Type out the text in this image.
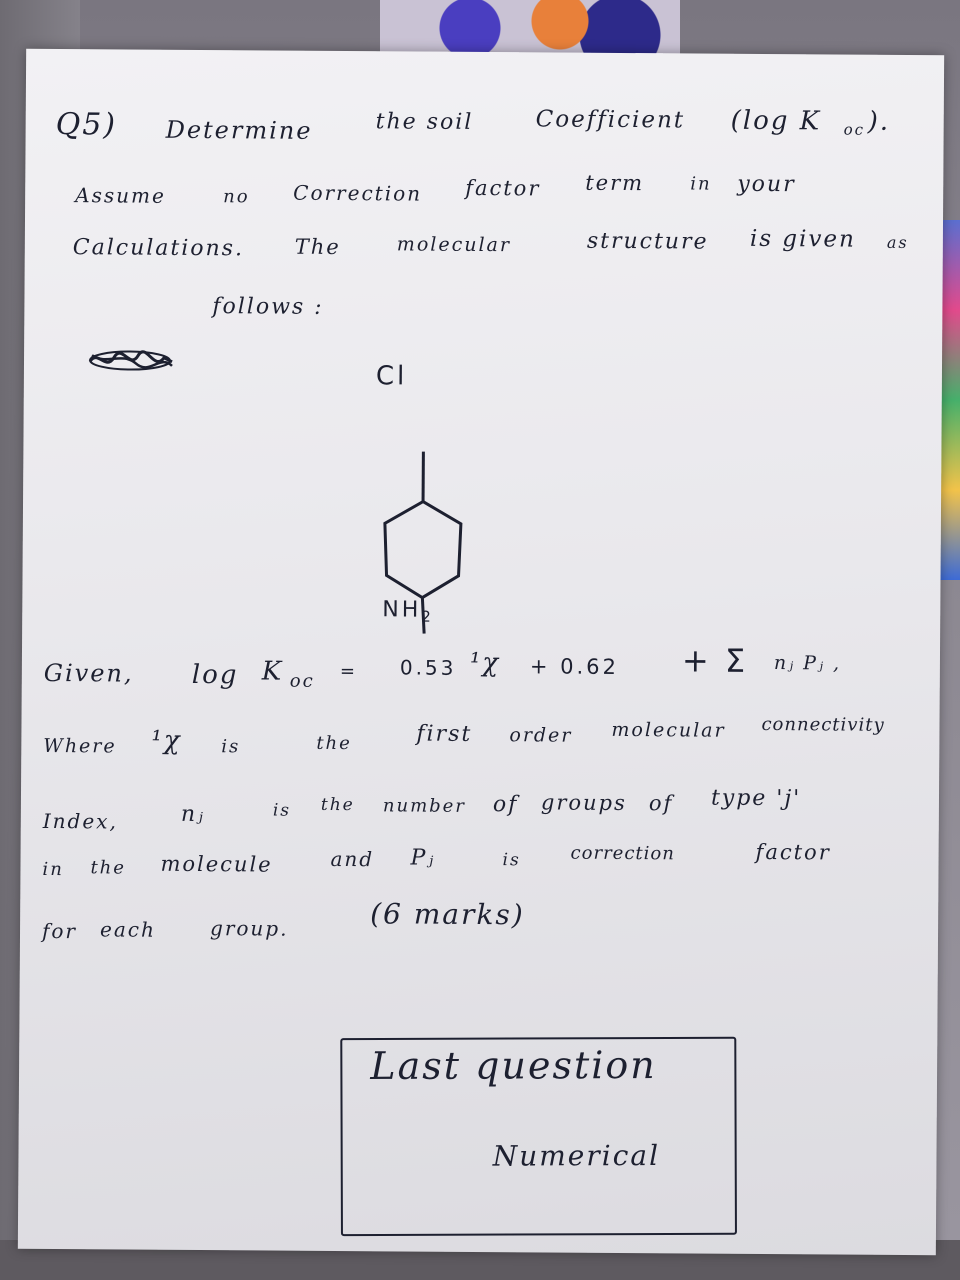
Q5) Determine	the soil	Coefficient (log K oc ).
Assume	no Correction factor term	in your
Calculations. The	molecular	structure is given as
follows :
Cl
$NH_2$
Given, log K oc = 0.53 ¹χ + 0.62 + Σ nⱼ Pⱼ ,
Where ¹χ is	the	first order molecular connectivity
Index,	nⱼ	is the number of groups of type 'j'
in the molecule	and Pⱼ	is	correction	factor
for each	group.	(6 marks)
Last question
Numerical
